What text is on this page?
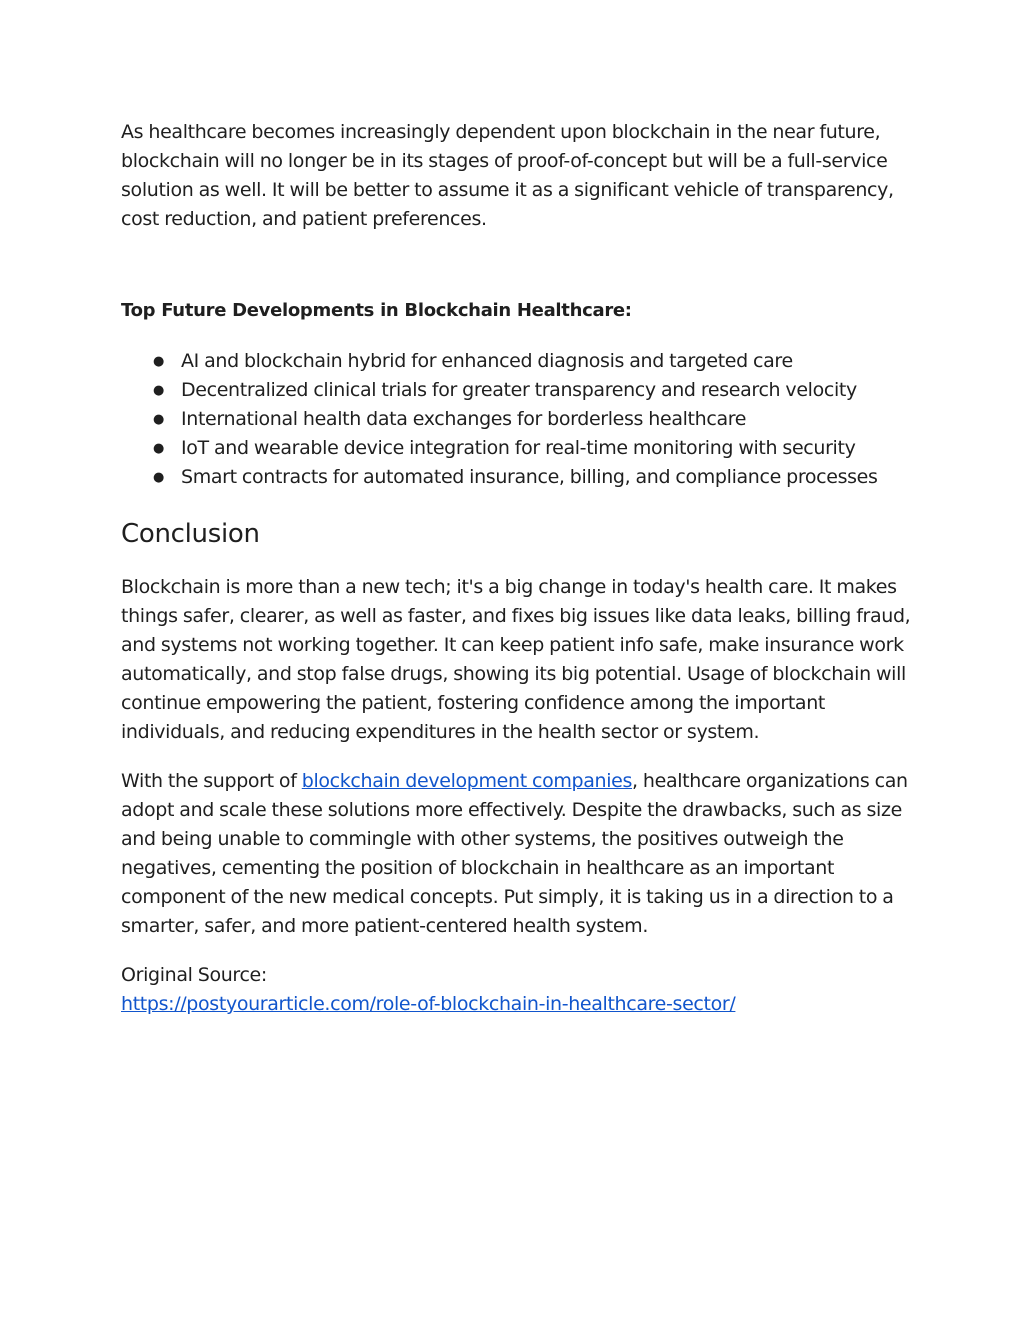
As healthcare becomes increasingly dependent upon blockchain in the near future, blockchain will no longer be in its stages of proof-of-concept but will be a full-service solution as well. It will be better to assume it as a significant vehicle of transparency, cost reduction, and patient preferences.

Top Future Developments in Blockchain Healthcare:
● AI and blockchain hybrid for enhanced diagnosis and targeted care
● Decentralized clinical trials for greater transparency and research velocity
● International health data exchanges for borderless healthcare
● IoT and wearable device integration for real-time monitoring with security
● Smart contracts for automated insurance, billing, and compliance processes
Conclusion

Blockchain is more than a new tech; it's a big change in today's health care. It makes things safer, clearer, as well as faster, and fixes big issues like data leaks, billing fraud, and systems not working together. It can keep patient info safe, make insurance work automatically, and stop false drugs, showing its big potential. Usage of blockchain will continue empowering the patient, fostering confidence among the important individuals, and reducing expenditures in the health sector or system.

With the support of blockchain development companies, healthcare organizations can adopt and scale these solutions more effectively. Despite the drawbacks, such as size and being unable to commingle with other systems, the positives outweigh the negatives, cementing the position of blockchain in healthcare as an important component of the new medical concepts. Put simply, it is taking us in a direction to a smarter, safer, and more patient-centered health system.

Original Source:
https://postyourarticle.com/role-of-blockchain-in-healthcare-sector/
